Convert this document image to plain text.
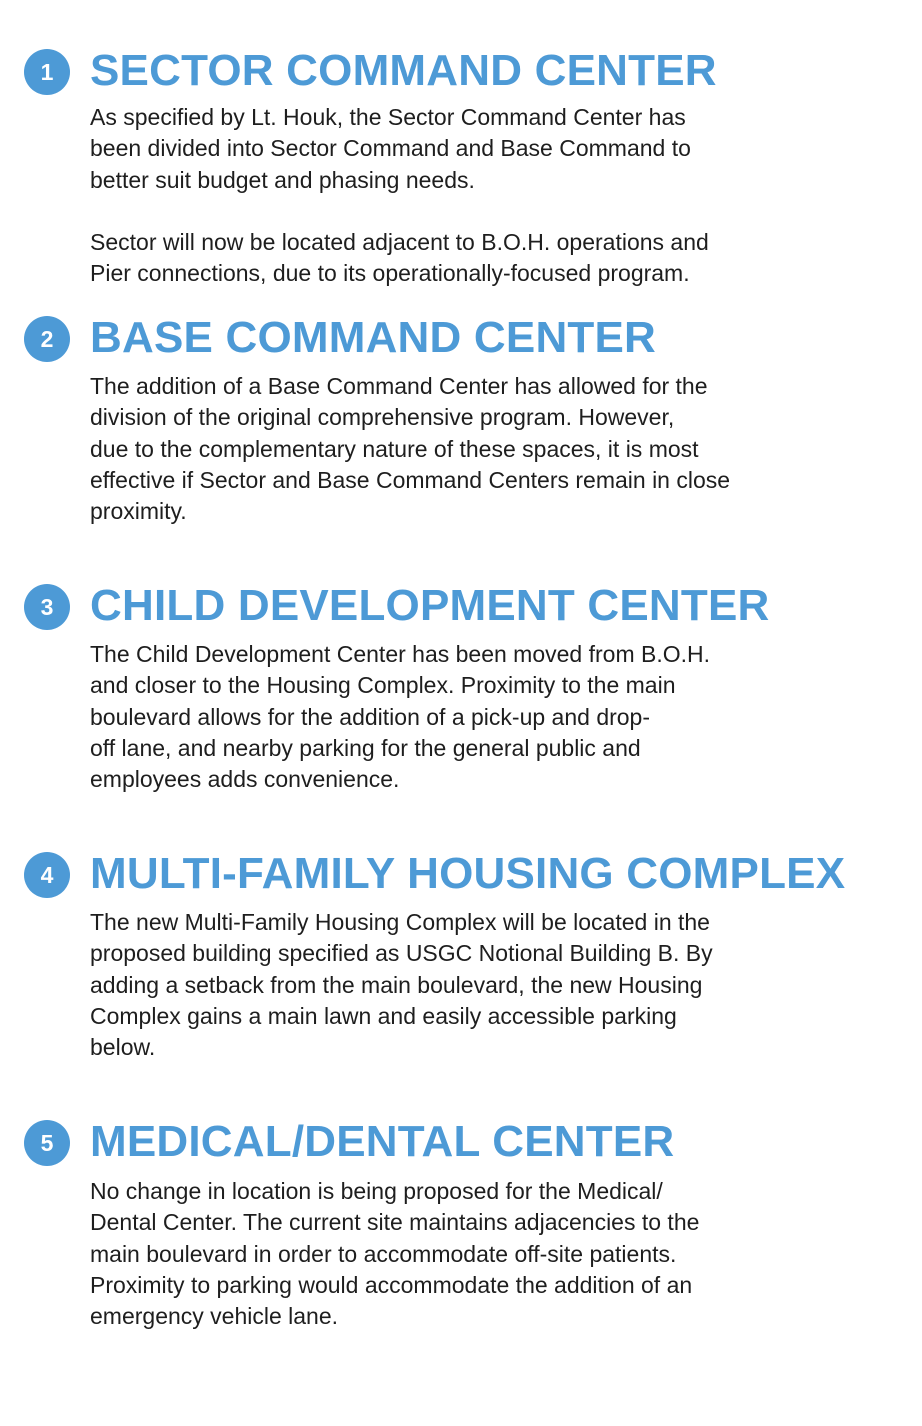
1 SECTOR COMMAND CENTER

As specified by Lt. Houk, the Sector Command Center has
been divided into Sector Command and Base Command to
better suit budget and phasing needs.

Sector will now be located adjacent to B.O.H. operations and
Pier connections, due to its operationally-focused program.

2 BASE COMMAND CENTER

The addition of a Base Command Center has allowed for the
division of the original comprehensive program. However,
due to the complementary nature of these spaces, it is most
effective if Sector and Base Command Centers remain in close
proximity.

3 CHILD DEVELOPMENT CENTER

The Child Development Center has been moved from B.O.H.
and closer to the Housing Complex. Proximity to the main
boulevard allows for the addition of a pick-up and drop-
off lane, and nearby parking for the general public and
employees adds convenience.

4 MULTI-FAMILY HOUSING COMPLEX

The new Multi-Family Housing Complex will be located in the
proposed building specified as USGC Notional Building B. By
adding a setback from the main boulevard, the new Housing
Complex gains a main lawn and easily accessible parking
below.

5 MEDICAL/DENTAL CENTER

No change in location is being proposed for the Medical/
Dental Center. The current site maintains adjacencies to the
main boulevard in order to accommodate off-site patients.
Proximity to parking would accommodate the addition of an
emergency vehicle lane.
